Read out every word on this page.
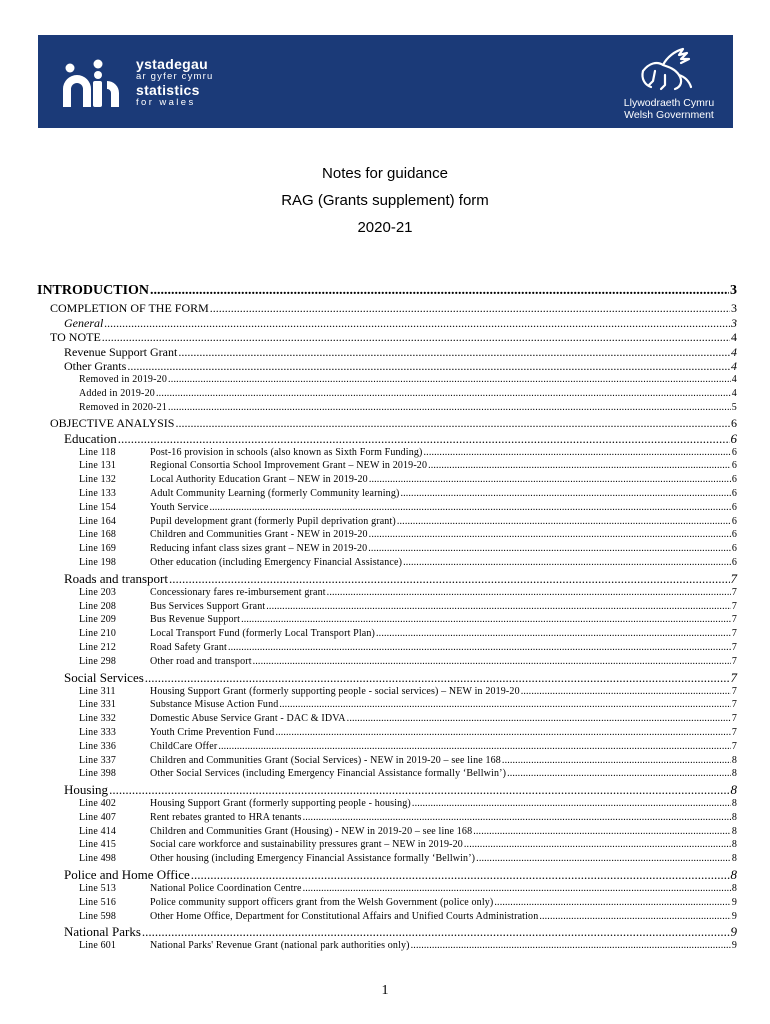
ystadegau
ar gyfer cymru
statistics
for wales	Llywodraeth Cymru
Welsh Government
Notes for guidance
RAG (Grants supplement) form
2020-21
INTRODUCTION .....	3
COMPLETION OF THE FORM .....	3
General .....	3
TO NOTE .....	4
Revenue Support Grant .....	4
Other Grants .....	4
Removed in 2019-20 .....	4
Added in 2019-20 .....	4
Removed in 2020-21 .....	5
OBJECTIVE ANALYSIS .....	6
Education .....	6
Line 118	Post-16 provision in schools (also known as Sixth Form Funding) .....	6
Line 131	Regional Consortia School Improvement Grant – NEW in 2019-20 .....	6
Line 132	Local Authority Education Grant – NEW in 2019-20 .....	6
Line 133	Adult Community Learning (formerly Community learning) .....	6
Line 154	Youth Service .....	6
Line 164	Pupil development grant (formerly Pupil deprivation grant) .....	6
Line 168	Children and Communities Grant - NEW in 2019-20 .....	6
Line 169	Reducing infant class sizes grant – NEW in 2019-20 .....	6
Line 198	Other education (including Emergency Financial Assistance) .....	6
Roads and transport .....	7
Line 203	Concessionary fares re-imbursement grant .....	7
Line 208	Bus Services Support Grant .....	7
Line 209	Bus Revenue Support .....	7
Line 210	Local Transport Fund (formerly Local Transport Plan) .....	7
Line 212	Road Safety Grant .....	7
Line 298	Other road and transport .....	7
Social Services .....	7
Line 311	Housing Support Grant (formerly supporting people - social services) – NEW in 2019-20 .....	7
Line 331	Substance Misuse Action Fund .....	7
Line 332	Domestic Abuse Service Grant - DAC & IDVA .....	7
Line 333	Youth Crime Prevention Fund .....	7
Line 336	ChildCare Offer .....	7
Line 337	Children and Communities Grant (Social Services) - NEW in 2019-20 – see line 168 .....	8
Line 398	Other Social Services (including Emergency Financial Assistance formally ‘Bellwin’) .....	8
Housing .....	8
Line 402	Housing Support Grant (formerly supporting people - housing) .....	8
Line 407	Rent rebates granted to HRA tenants .....	8
Line 414	Children and Communities Grant (Housing) - NEW in 2019-20 – see line 168 .....	8
Line 415	Social care workforce and sustainability pressures grant – NEW in 2019-20 .....	8
Line 498	Other housing (including Emergency Financial Assistance formally ‘Bellwin’) .....	8
Police and Home Office .....	8
Line 513	National Police Coordination Centre .....	8
Line 516	Police community support officers grant from the Welsh Government (police only) .....	9
Line 598	Other Home Office, Department for Constitutional Affairs and Unified Courts Administration .....	9
National Parks .....	9
Line 601	National Parks' Revenue Grant (national park authorities only) .....	9
1
